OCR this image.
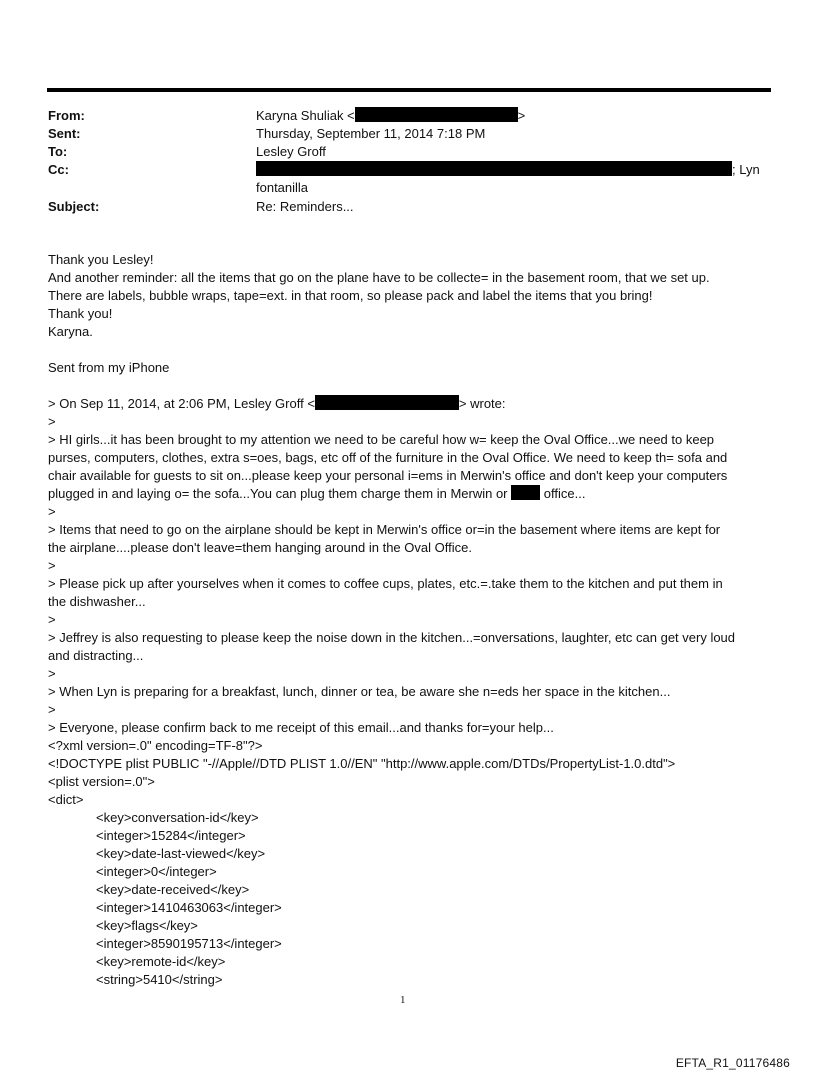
From:	Karyna Shuliak <	>
Sent:	Thursday, September 11, 2014 7:18 PM
To:	Lesley Groff
Cc:	; Lyn
fontanilla
Subject:	Re: Reminders...
Thank you Lesley!
And another reminder: all the items that go on the plane have to be collecte= in the basement room, that we set up.
There are labels, bubble wraps, tape=ext. in that room, so please pack and label the items that you bring!
Thank you!
Karyna.
Sent from my iPhone
> On Sep 11, 2014, at 2:06 PM, Lesley Groff <	> wrote:
>
> HI girls...it has been brought to my attention we need to be careful how w= keep the Oval Office...we need to keep
purses, computers, clothes, extra s=oes, bags, etc off of the furniture in the Oval Office. We need to keep th= sofa and
chair available for guests to sit on...please keep your personal i=ems in Merwin's office and don't keep your computers
plugged in and laying o= the sofa...You can plug them charge them in Merwin or	office...
>
> Items that need to go on the airplane should be kept in Merwin's office or=in the basement where items are kept for
the airplane....please don't leave=them hanging around in the Oval Office.
>
> Please pick up after yourselves when it comes to coffee cups, plates, etc.=.take them to the kitchen and put them in
the dishwasher...
>
> Jeffrey is also requesting to please keep the noise down in the kitchen...=onversations, laughter, etc can get very loud
and distracting...
>
> When Lyn is preparing for a breakfast, lunch, dinner or tea, be aware she n=eds her space in the kitchen...
>
> Everyone, please confirm back to me receipt of this email...and thanks for=your help...
<?xml version=.0" encoding=TF-8"?>
<!DOCTYPE plist PUBLIC "-//Apple//DTD PLIST 1.0//EN" "http://www.apple.com/DTDs/PropertyList-1.0.dtd">
<plist version=.0">
<dict>
<key>conversation-id</key>
<integer>15284</integer>
<key>date-last-viewed</key>
<integer>0</integer>
<key>date-received</key>
<integer>1410463063</integer>
<key>flags</key>
<integer>8590195713</integer>
<key>remote-id</key>
<string>5410</string>
1
EFTA_R1_01176486
